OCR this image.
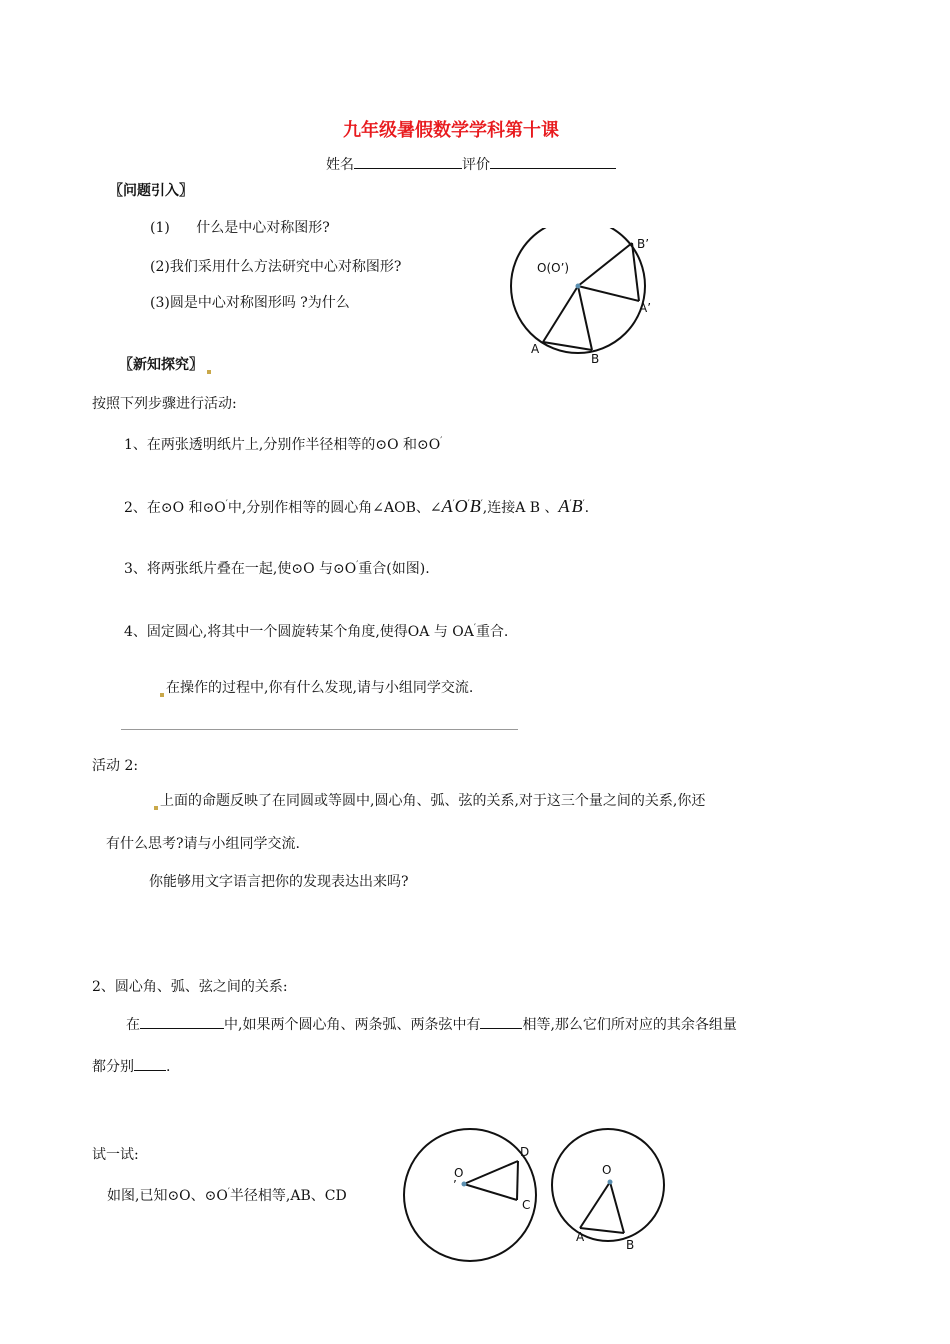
九年级暑假数学学科第十课
姓名	评价
〖问题引入〗
(1) 什么是中心对称图形?
(2)我们采用什么方法研究中心对称图形?
(3)圆是中心对称图形吗 ?为什么
O(O’)
A
B
A’
B’
〖新知探究〗
按照下列步骤进行活动:
1、在两张透明纸片上,分别作半径相等的⊙O 和⊙O′
2、在⊙O 和⊙O′中,分别作相等的圆心角∠AOB、∠A′O′B′,连接A B 、A′B′.
3、将两张纸片叠在一起,使⊙O 与⊙O′重合(如图).
4、固定圆心,将其中一个圆旋转某个角度,使得OA 与 OA′重合.
在操作的过程中,你有什么发现,请与小组同学交流.
活动 2:
上面的命题反映了在同圆或等圆中,圆心角、弧、弦的关系,对于这三个量之间的关系,你还
有什么思考?请与小组同学交流.
你能够用文字语言把你的发现表达出来吗?
2、圆心角、弧、弦之间的关系:
在	中,如果两个圆心角、两条弧、两条弦中有	相等,那么它们所对应的其余各组量
都分别 .
试一试:
如图,已知⊙O、⊙O′半径相等,AB、CD
O
’
D
C
O
A
B
